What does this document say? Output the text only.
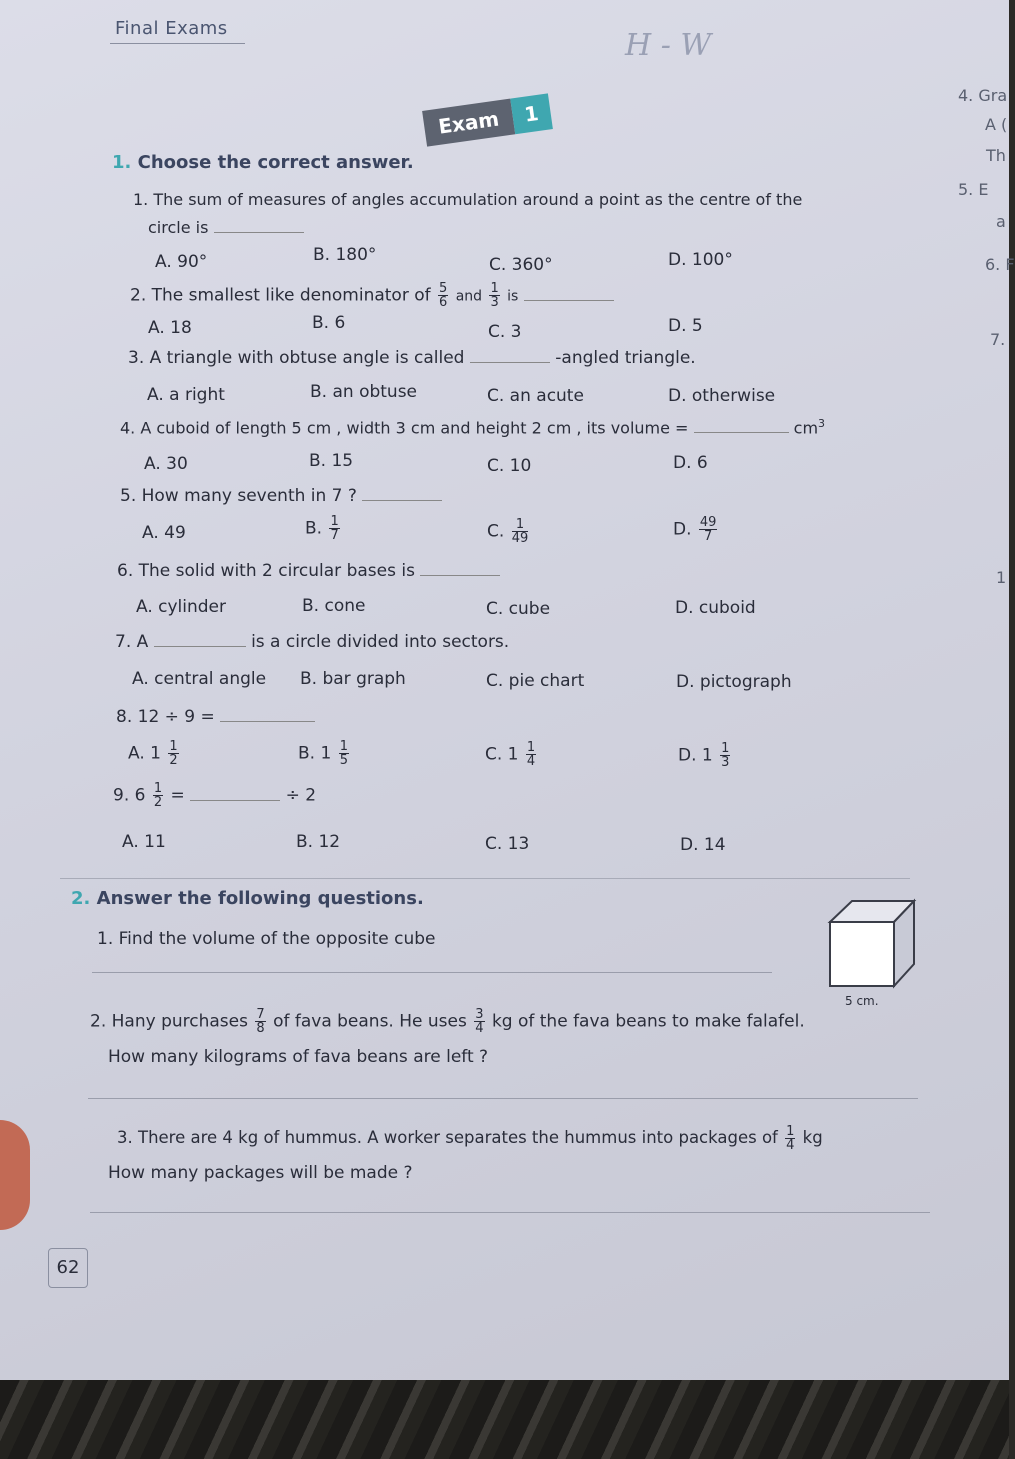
Final Exams	H - W
Exam	1
1. Choose the correct answer.
1. The sum of measures of angles accumulation around a point as the centre of the
circle is
A. 90°	B. 180°	C. 360°	D. 100°
2. The smallest like denominator of $\frac{5}{6}$ and $\frac{1}{3}$ is
A. 18	B. 6	C. 3	D. 5
3. A triangle with obtuse angle is called	-angled triangle.
A. a right	B. an obtuse	C. an acute	D. otherwise
4. A cuboid of length 5 cm , width 3 cm and height 2 cm , its volume =	$cm^3$
A. 30	B. 15	C. 10	D. 6
5. How many seventh in 7 ?
A. 49	B. $\frac{1}{7}$	C. $\frac{1}{49}$	D. $\frac{49}{7}$
6. The solid with 2 circular bases is
A. cylinder	B. cone	C. cube	D. cuboid
7. A	is a circle divided into sectors.
A. central angle B. bar graph	C. pie chart	D. pictograph
8. 12 ÷ 9 =
A. $1 \frac{1}{2}$	B. $1 \frac{1}{5}$	C. $1 \frac{1}{4}$	D. $1 \frac{1}{3}$
9. $6 \frac{1}{2}$ =	÷ 2
A. 11	B. 12	C. 13	D. 14
2. Answer the following questions.
1. Find the volume of the opposite cube
5 cm.
2. Hany purchases $\frac{7}{8}$ of fava beans. He uses $\frac{3}{4}$ kg of the fava beans to make falafel.
How many kilograms of fava beans are left ?
3. There are 4 kg of hummus. A worker separates the hummus into packages of $\frac{1}{4}$ kg
How many packages will be made ?
4. Gra
A (
Th
5. E
a
6. F
7.
1
62
